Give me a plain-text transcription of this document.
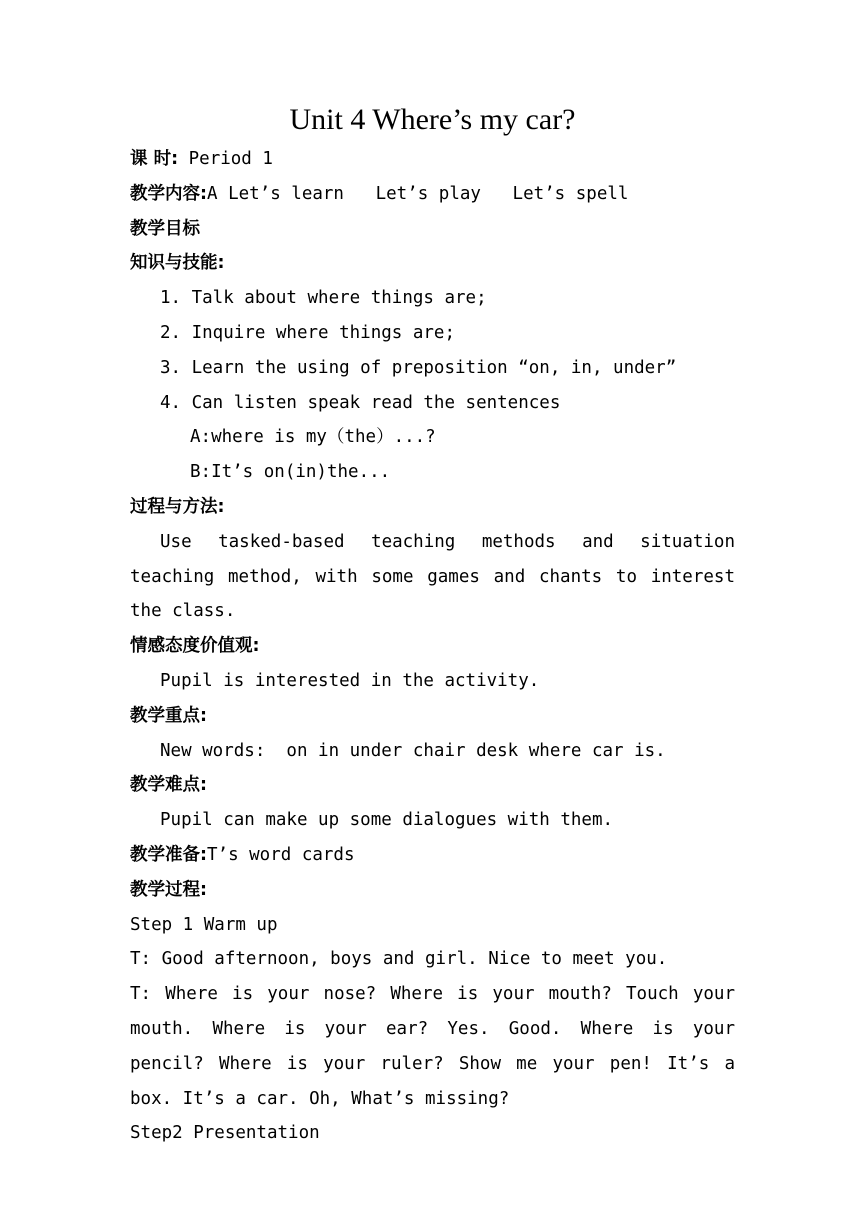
Unit 4 Where’s my car?
课 时: Period 1
教学内容:A Let’s learn   Let’s play   Let’s spell
教学目标
知识与技能:
1. Talk about where things are;
2. Inquire where things are;
3. Learn the using of preposition “on, in, under”
4. Can listen speak read the sentences
A:where is my（the）...?
B:It’s on(in)the...
过程与方法:
Use tasked-based teaching methods and situation teaching method, with some games and chants to interest the class.
情感态度价值观:
Pupil is interested in the activity.
教学重点:
New words:  on in under chair desk where car is.
教学难点:
Pupil can make up some dialogues with them.
教学准备:T’s word cards
教学过程:
Step 1 Warm up
T: Good afternoon, boys and girl. Nice to meet you.
T: Where is your nose? Where is your mouth? Touch your mouth. Where is your ear? Yes. Good. Where is your pencil? Where is your ruler? Show me your pen! It’s a box. It’s a car. Oh, What’s missing?
Step2 Presentation
